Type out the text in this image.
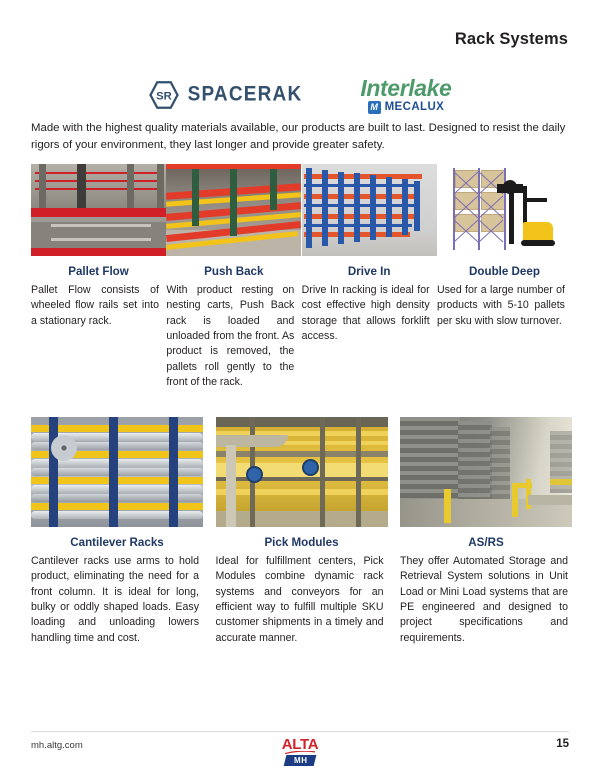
Rack Systems
SR SPACERAK	Interlake
M MECALUX
Made with the highest quality materials available, our products are built to last. Designed to resist the daily rigors of your environment, they last longer and provide greater safety.
Pallet Flow
Pallet Flow consists of wheeled flow rails set into a stationary rack.
Push Back
With product resting on nesting carts, Push Back rack is loaded and unloaded from the front. As product is removed, the pallets roll gently to the front of the rack.
Drive In
Drive In racking is ideal for cost effective high density storage that allows forklift access.
Double Deep
Used for a large number of products with 5-10 pallets per sku with slow turnover.
Cantilever Racks
Cantilever racks use arms to hold product, eliminating the need for a front column. It is ideal for long, bulky or oddly shaped loads. Easy loading and unloading lowers handling time and cost.
Pick Modules
Ideal for fulfillment centers, Pick Modules combine dynamic rack systems and conveyors for an efficient way to fulfill multiple SKU customer shipments in a timely and accurate manner.
AS/RS
They offer Automated Storage and Retrieval System solutions in Unit Load or Mini Load systems that are PE engineered and designed to project specifications and requirements.
mh.altg.com	ALTA
MH
15
